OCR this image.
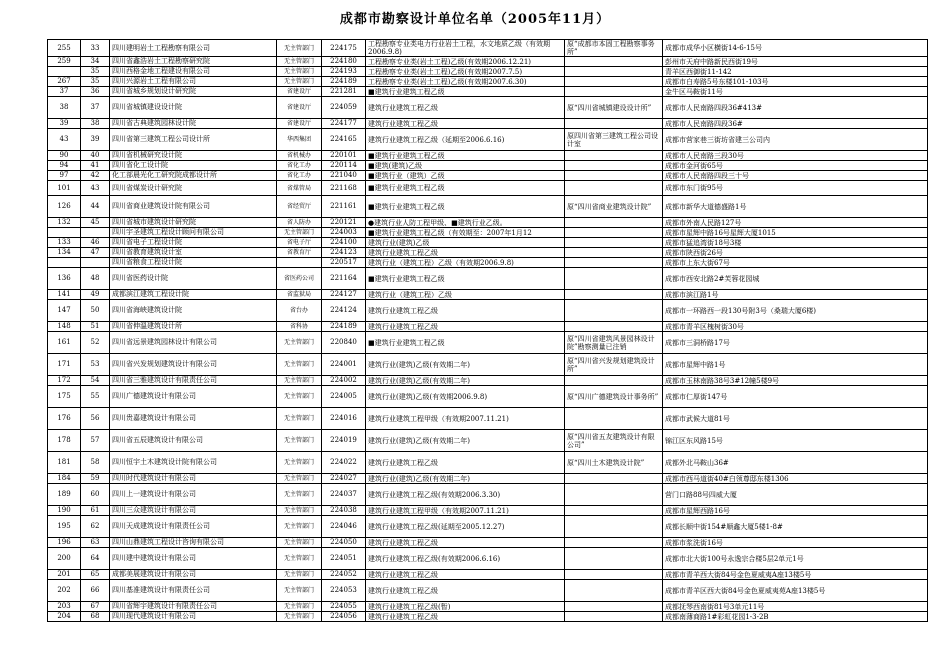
成都市勘察设计单位名单（2005年11月）
255	33	四川建明岩土工程勘察有限公司	无主管部门	224175	工程勘察专业类电力行业岩土工程，水文地质乙级（有效期2006.9.8)	原“成都市本固工程勘察事务所”	成都市成华小区横街14-6-15号
259	34	四川省鑫浩岩土工程勘察研究院	无主管部门	224180	工程勘察专业类(岩土工程)乙级(有效期2006.12.21)		彭州市天府中路新民西街19号
	35	四川西格金地工程建设有限公司	无主管部门	224193	工程勘察专业类(岩土工程)乙级(有效期2007.7.5)		青羊区西御街11-142
267	35	四川兴源岩土工程有限公司	无主管部门	224189	工程勘察专业类(岩土工程)乙级(有效期2007.6.30)		成都市白寿路5号东楼101-103号
37	36	四川省城乡规划设计研究院	省建设厅	221281	■建筑行业建筑工程乙级		金牛区马鞍街11号
38	37	四川省城镇建设设计院	省建设厅	224059	建筑行业建筑工程乙级	原“四川省城镇建设设计所”	成都市人民南路四段36#413#
39	38	四川省古典建筑园林设计院	省建设厅	224177	建筑行业建筑工程乙级		成都市人民南路四段36#
43	39	四川省第三建筑工程公司设计所	华西集团	224165	建筑行业建筑工程乙级（延期至2006.6.16)	原四川省第三建筑工程公司设计室	成都市营家巷三街坊省建三公司内
90	40	四川省机械研究设计院	省机械办	220101	■建筑行业建筑工程乙级		成都市人民南路三段30号
94	41	四川省化工设计院	省化工办	220114	■建筑(建筑)乙级		成都市金河街65号
97	42	化工部晨光化工研究院成都设计所	省化工办	221040	■建筑行业（建筑）乙级		成都市人民南路四段三十号
101	43	四川省煤炭设计研究院	省煤管局	221168	■建筑行业建筑工程乙级		成都市东门街95号
126	44	四川省商业建筑设计院有限公司	省经贸厅	221161	■建筑行业建筑工程乙级	原“四川省商业建筑设计院”	成都市新华大道德盛路1号
132	45	四川省城市建筑设计研究院	省人防办	220121	●建筑行业人防工程甲级、■建筑行业乙级。		成都市外南人民路127号
		四川宇圣建筑工程设计顾问有限公司	无主管部门	224003	■建筑行业建筑工程乙级（有效期至：2007年1月12		成都市星辉中路16号星辉大厦1015
133	46	四川省电子工程设计院	省电子厅	224100	建筑行业(建筑)乙级		成都市猛追湾街18号3楼
134	47	四川省教育建筑设计室	省教育厅	224123	建筑行业建筑工程乙级		成都市陕西街26号
		四川省粮食工程设计院		220517	建筑行业（建筑工程）乙级（有效期2006.9.8)		成都市上东大街67号
136	48	四川省医药设计院	省医药公司	221164	■建筑行业建筑工程乙级		成都市西安北路2#芙蓉花园城
141	49	成都滨江建筑工程设计院	省监狱局	224127	建筑行业（建筑工程）乙级		成都市滨江路1号
147	50	四川省海峡建筑设计院	省台办	224124	建筑行业建筑工程乙级		成都市一环路西一段130号附3号（桑瑞大厦6楼)
148	51	四川省伸溫建筑设计所	省科协	224189	建筑行业建筑工程乙级		成都市青羊区槐树街30号
161	52	四川省远景建筑园林设计有限公司	无主管部门	220840	■建筑行业建筑工程乙级	原“四川省建筑风景园林设计院”勘察测量已注销	成都市三洞桥路17号
171	53	四川省兴发规划建筑设计有限公司	无主管部门	224001	建筑行业(建筑)乙级(有效期二年)	原“四川省兴发规划建筑设计所”	成都市星辉中路1号
172	54	四川省三雅建筑设计有限责任公司	无主管部门	224002	建筑行业(建筑)乙级(有效期二年)		成都市玉林南路38号3#12幢5楼9号
175	55	四川广德建筑设计有限公司	无主管部门	224005	建筑行业(建筑)乙级(有效期2006.9.8)	原“四川广德建筑设计事务所”	成都市仁厚街147号
176	56	四川贵嘉建筑设计有限公司	无主管部门	224016	建筑行业建筑工程甲级（有效期2007.11.21)		成都市武候大道81号
178	57	四川省五辰建筑设计有限公司	无主管部门	224019	建筑行业(建筑)乙级(有效期二年)	原“四川省五友建筑设计有限公司”	锦江区东风路15号
181	58	四川恒宇土木建筑设计院有限公司	无主管部门	224022	建筑行业建筑工程乙级	原“四川土木建筑设计院”	成都外北马鞍山36#
184	59	四川时代建筑设计有限公司	无主管部门	224027	建筑行业(建筑)乙级(有效期二年)		成都市西马道街40#白领尊邸东楼1306
189	60	四川上一建筑设计有限公司	无主管部门	224037	建筑行业建筑工程乙级(有效期2006.3.30)		营门口路88号四威大厦
190	61	四川三众建筑设计有限公司	无主管部门	224038	建筑行业建筑工程甲级（有效期2007.11.21)		成都市星辉西路16号
195	62	四川天成建筑设计有限责任公司	无主管部门	224046	建筑行业建筑工程乙级(延期至2005.12.27)		成都长顺中街154#顺鑫大厦5楼1-8#
196	63	四川山鼎建筑工程设计咨询有限公司	无主管部门	224050	建筑行业建筑工程乙级		成都市浆洗街16号
200	64	四川建中建筑设计有限公司	无主管部门	224051	建筑行业建筑工程乙级(有效期2006.6.16)		成都市北大街100号永逸宗合楼5层2单元1号
201	65	成都美展建筑设计有限公司	无主管部门	224052	建筑行业建筑工程乙级		成都市青羊西大街84号金色夏威夷A座13楼5号
202	66	四川基准建筑设计有限责任公司	无主管部门	224053	建筑行业建筑工程乙级		成都市青羊区西大街84号金色夏威夷苑A座13楼5号
203	67	四川省辉宇建筑设计有限责任公司	无主管部门	224055	建筑行业建筑工程乙级(暂)		成都抚琴西南街81号3单元11号
204	68	四川现代建筑设计有限公司	无主管部门	224056	建筑行业建筑工程乙级		成都南薄商路1#彩虹花园1-3-2B
